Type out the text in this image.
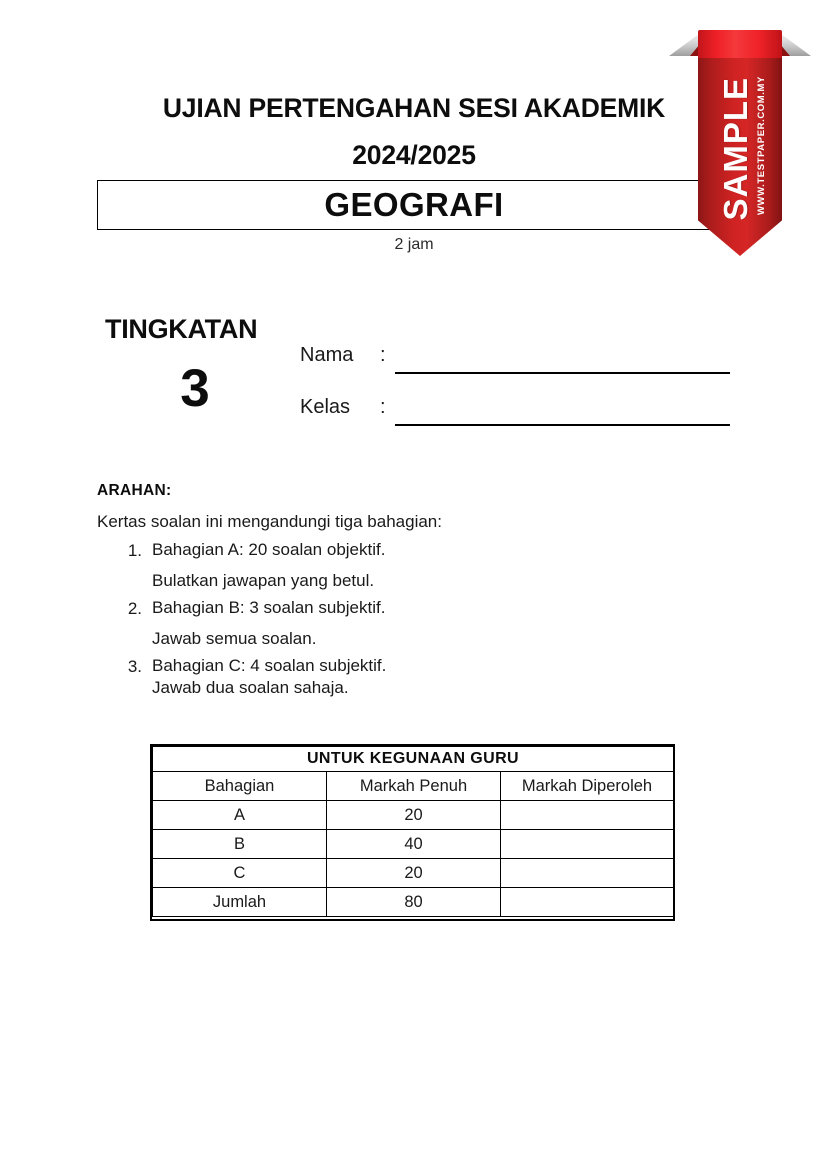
UJIAN PERTENGAHAN SESI AKADEMIK
2024/2025
GEOGRAFI
2 jam
TINGKATAN
3
Nama :
Kelas :
ARAHAN:
Kertas soalan ini mengandungi tiga bahagian:
1. Bahagian A: 20 soalan objektif.
Bulatkan jawapan yang betul.
2. Bahagian B: 3 soalan subjektif.
Jawab semua soalan.
3. Bahagian C: 4 soalan subjektif.
Jawab dua soalan sahaja.
UNTUK KEGUNAAN GURU		
Bahagian	Markah Penuh	Markah Diperoleh
A	20	
B	40	
C	20	
Jumlah	80	
SAMPLE WWW.TESTPAPER.COM.MY
